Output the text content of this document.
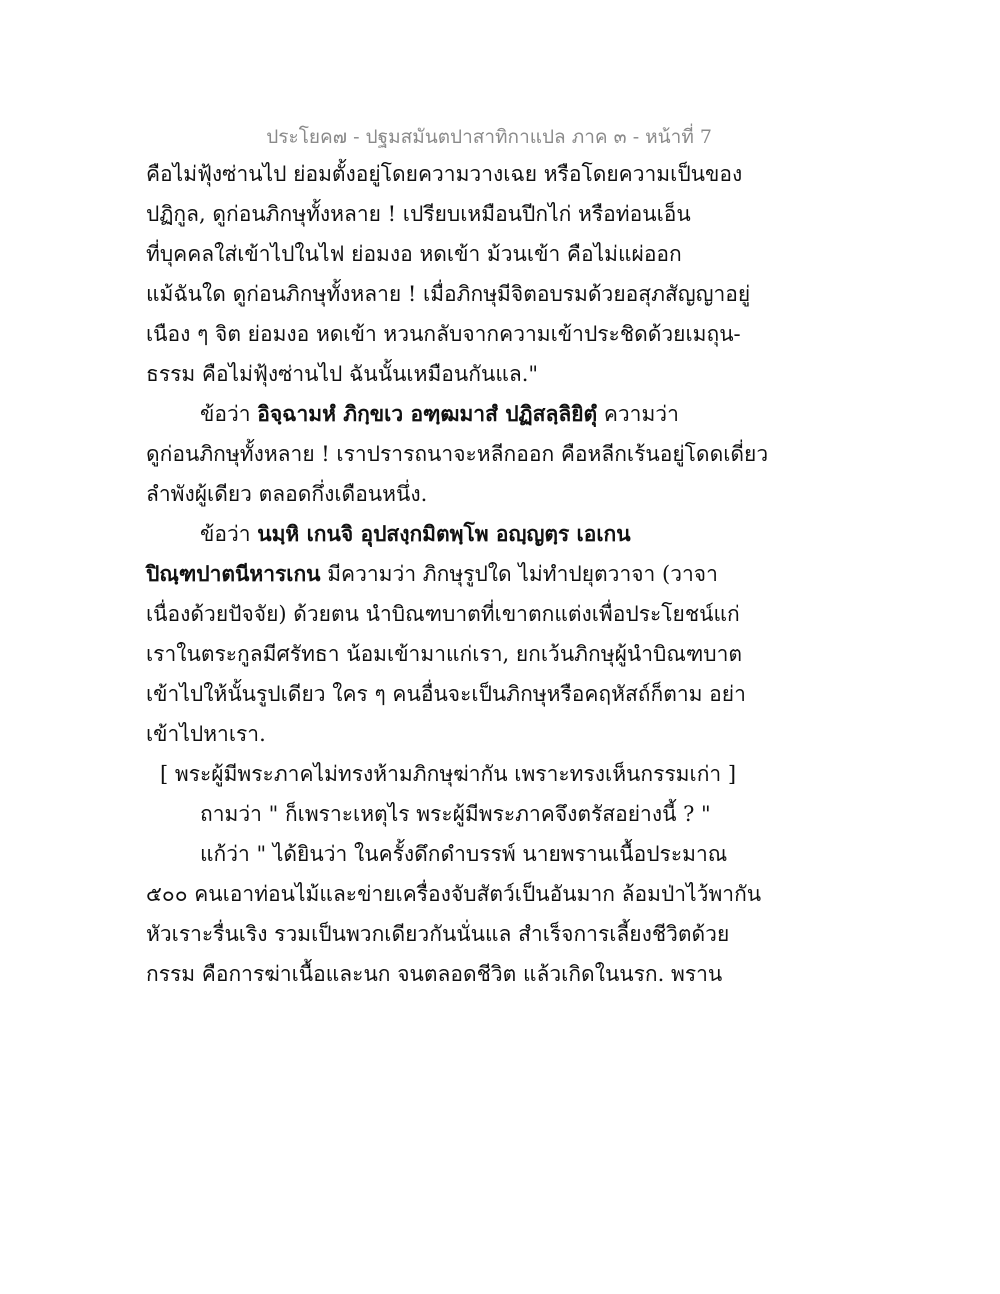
ประโยค๗ - ปฐมสมันตปาสาทิกาแปล ภาค ๓ - หน้าที่ 7
คือไม่ฟุ้งซ่านไป ย่อมตั้งอยู่โดยความวางเฉย หรือโดยความเป็นของ
ปฏิกูล, ดูก่อนภิกษุทั้งหลาย ! เปรียบเหมือนปีกไก่ หรือท่อนเอ็น
ที่บุคคลใส่เข้าไปในไฟ ย่อมงอ หดเข้า ม้วนเข้า คือไม่แผ่ออก
แม้ฉันใด ดูก่อนภิกษุทั้งหลาย ! เมื่อภิกษุมีจิตอบรมด้วยอสุภสัญญาอยู่
เนือง ๆ จิต ย่อมงอ หดเข้า หวนกลับจากความเข้าประชิดด้วยเมถุน-
ธรรม คือไม่ฟุ้งซ่านไป ฉันนั้นเหมือนกันแล."
ข้อว่า อิจฺฉามหํ ภิกฺขเว อฑฺฒมาสํ ปฏิสลฺลิยิตุํ ความว่า
ดูก่อนภิกษุทั้งหลาย ! เราปรารถนาจะหลีกออก คือหลีกเร้นอยู่โดดเดี่ยว
ลำพังผู้เดียว ตลอดกึ่งเดือนหนึ่ง.
ข้อว่า นมฺหิ เกนจิ อุปสงฺกมิตพฺโพ อญฺญตฺร เอเกน
ปิณฺฑปาตนีหารเกน มีความว่า ภิกษุรูปใด ไม่ทำปยุตวาจา (วาจา
เนื่องด้วยปัจจัย) ด้วยตน นำบิณฑบาตที่เขาตกแต่งเพื่อประโยชน์แก่
เราในตระกูลมีศรัทธา น้อมเข้ามาแก่เรา, ยกเว้นภิกษุผู้นำบิณฑบาต
เข้าไปให้นั้นรูปเดียว ใคร ๆ คนอื่นจะเป็นภิกษุหรือคฤหัสถ์ก็ตาม อย่า
เข้าไปหาเรา.
[ พระผู้มีพระภาคไม่ทรงห้ามภิกษุฆ่ากัน เพราะทรงเห็นกรรมเก่า ]
ถามว่า " ก็เพราะเหตุไร พระผู้มีพระภาคจึงตรัสอย่างนี้ ? "
แก้ว่า " ได้ยินว่า ในครั้งดึกดำบรรพ์ นายพรานเนื้อประมาณ
๕๐๐ คนเอาท่อนไม้และข่ายเครื่องจับสัตว์เป็นอันมาก ล้อมป่าไว้พากัน
หัวเราะรื่นเริง รวมเป็นพวกเดียวกันนั่นแล สำเร็จการเลี้ยงชีวิตด้วย
กรรม คือการฆ่าเนื้อและนก จนตลอดชีวิต แล้วเกิดในนรก. พราน
